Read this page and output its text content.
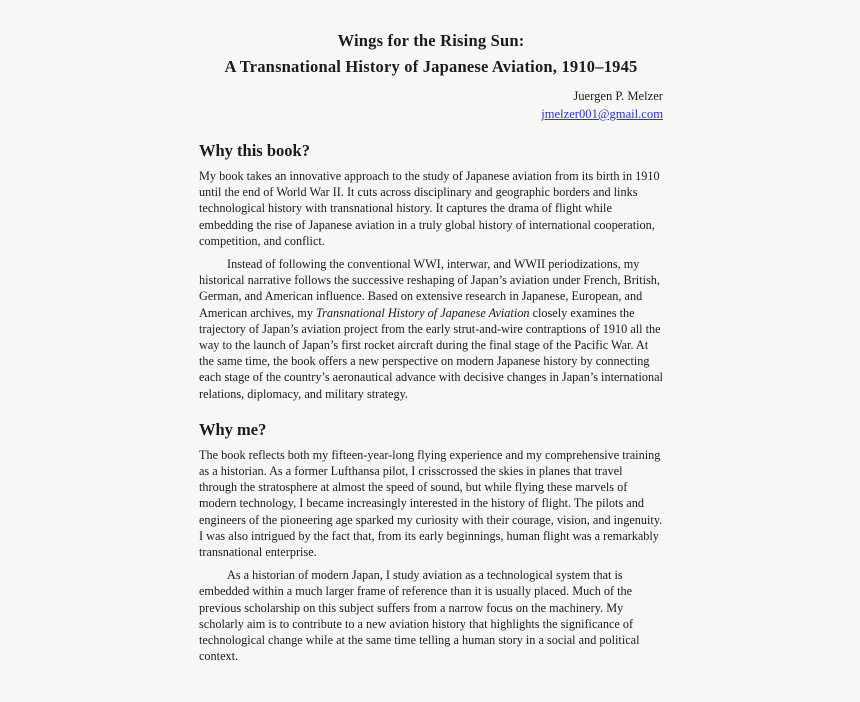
Wings for the Rising Sun:
A Transnational History of Japanese Aviation, 1910–1945
Juergen P. Melzer
jmelzer001@gmail.com
Why this book?

My book takes an innovative approach to the study of Japanese aviation from its birth in 1910 until the end of World War II. It cuts across disciplinary and geographic borders and links technological history with transnational history. It captures the drama of flight while embedding the rise of Japanese aviation in a truly global history of international cooperation, competition, and conflict.

Instead of following the conventional WWI, interwar, and WWII periodizations, my historical narrative follows the successive reshaping of Japan’s aviation under French, British, German, and American influence. Based on extensive research in Japanese, European, and American archives, my Transnational History of Japanese Aviation closely examines the trajectory of Japan’s aviation project from the early strut-and-wire contraptions of 1910 all the way to the launch of Japan’s first rocket aircraft during the final stage of the Pacific War. At the same time, the book offers a new perspective on modern Japanese history by connecting each stage of the country’s aeronautical advance with decisive changes in Japan’s international relations, diplomacy, and military strategy.

Why me?

The book reflects both my fifteen-year-long flying experience and my comprehensive training as a historian. As a former Lufthansa pilot, I crisscrossed the skies in planes that travel through the stratosphere at almost the speed of sound, but while flying these marvels of modern technology, I became increasingly interested in the history of flight. The pilots and engineers of the pioneering age sparked my curiosity with their courage, vision, and ingenuity. I was also intrigued by the fact that, from its early beginnings, human flight was a remarkably transnational enterprise.

As a historian of modern Japan, I study aviation as a technological system that is embedded within a much larger frame of reference than it is usually placed. Much of the previous scholarship on this subject suffers from a narrow focus on the machinery. My scholarly aim is to contribute to a new aviation history that highlights the significance of technological change while at the same time telling a human story in a social and political context.
